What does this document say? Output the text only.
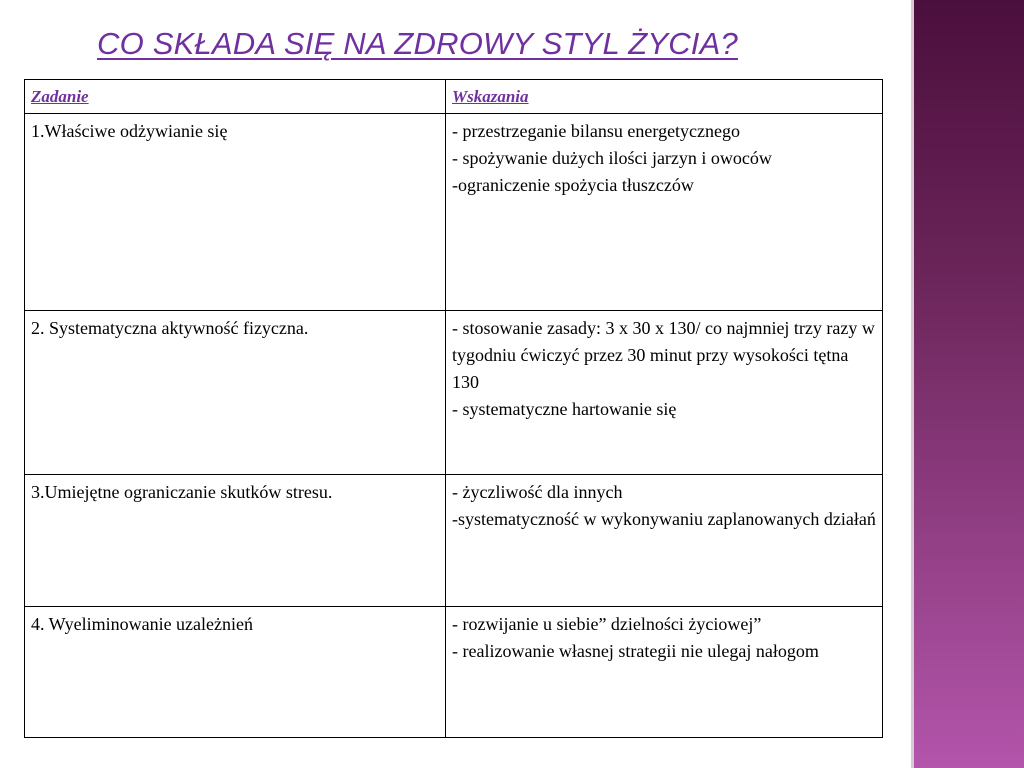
CO SKŁADA SIĘ NA ZDROWY STYL ŻYCIA?
Zadanie	Wskazania
1.Właściwe odżywianie się	- przestrzeganie bilansu energetycznego
- spożywanie dużych ilości jarzyn i owoców
-ograniczenie spożycia tłuszczów

2. Systematyczna aktywność fizyczna.	- stosowanie zasady: 3 x 30 x 130/ co najmniej trzy razy w tygodniu ćwiczyć przez 30 minut przy wysokości tętna 130
- systematyczne hartowanie się

3.Umiejętne ograniczanie skutków stresu.	- życzliwość dla innych
-systematyczność w wykonywaniu zaplanowanych działań

4. Wyeliminowanie uzależnień	- rozwijanie u siebie” dzielności życiowej”
- realizowanie własnej strategii nie ulegaj nałogom
